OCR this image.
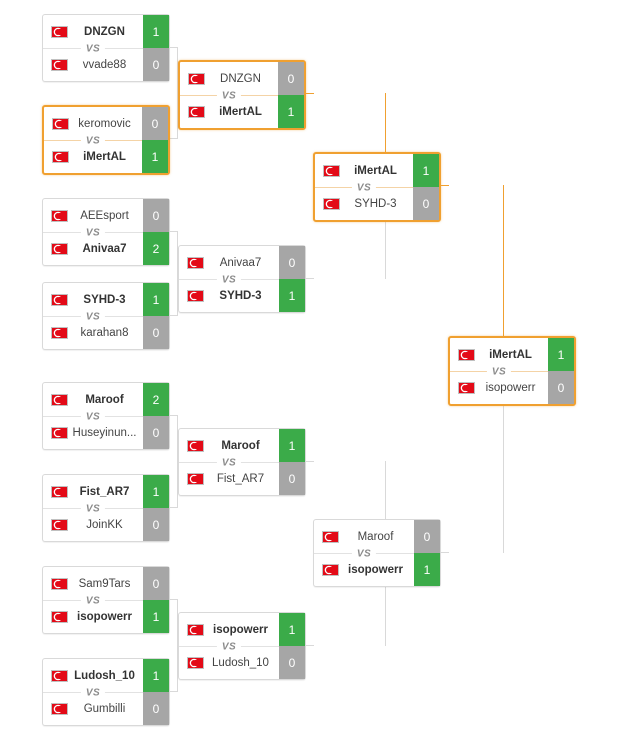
DNZGN	1
VS
vvade88	0
keromovic	0
VS
iMertAL	1
AEEsport	0
VS
Anivaa7	2
SYHD-3	1
VS
karahan8	0
Maroof	2
VS
Huseyinun...	0
Fist_AR7	1
VS
JoinKK	0
Sam9Tars	0
VS
isopowerr	1
Ludosh_10	1
VS
Gumbilli	0
DNZGN	0
VS
iMertAL	1
Anivaa7	0
VS
SYHD-3	1
Maroof	1
VS
Fist_AR7	0
isopowerr	1
VS
Ludosh_10	0
iMertAL	1
VS
SYHD-3	0
Maroof	0
VS
isopowerr	1
iMertAL	1
VS
isopowerr	0
